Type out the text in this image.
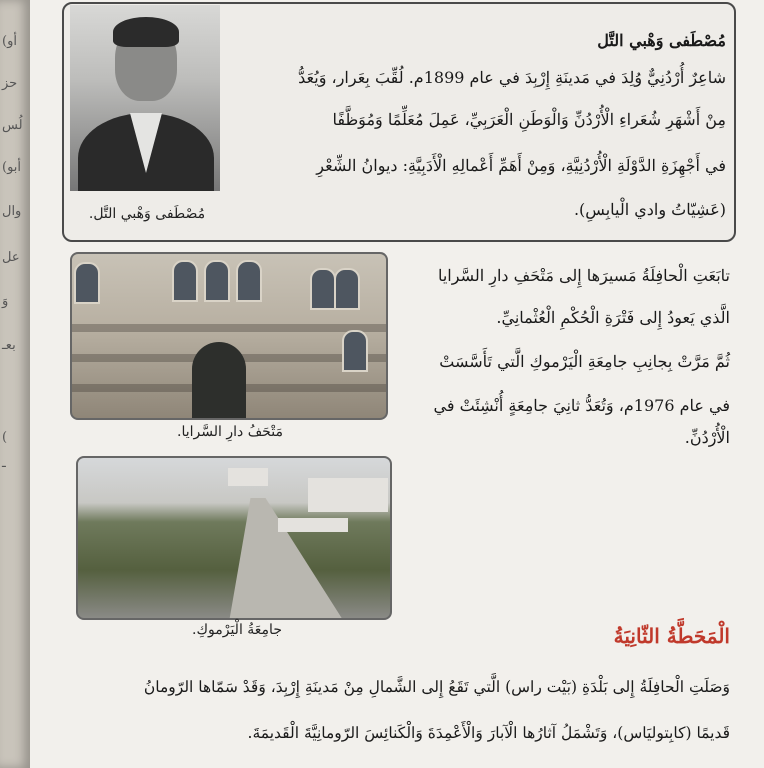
(أو
حز
لُس
(أبو
وال
عل
وَ
بعـ
(
ـ
مُصْطَفى وَهْبي التَّل.
مُصْطَفى وَهْبي التَّل
شاعِرٌ أُرْدُنِيٌّ وُلِدَ في مَدينَةِ إِرْبِدَ في عام 1899م. لُقِّبَ بِعَرار، وَيُعَدُّ
مِنْ أَشْهَرِ شُعَراءِ الْأُرْدُنِّ وَالْوَطَنِ الْعَرَبِيِّ، عَمِلَ مُعَلِّمًا وَمُوَظَّفًا
في أَجْهِزَةِ الدَّوْلَةِ الْأُرْدُنِيَّةِ، وَمِنْ أَهَمِّ أَعْمالِهِ الْأَدَبِيَّةِ: ديوانُ الشِّعْرِ
(عَشِيّاتُ وادي الْيابِسِ).
مَتْحَفُ دارِ السَّرايا.
تابَعَتِ الْحافِلَةُ مَسيرَها إِلى مَتْحَفِ دارِ السَّرايا
الَّذي يَعودُ إِلى فَتْرَةِ الْحُكْمِ الْعُثْمانِيِّ.
ثُمَّ مَرَّتْ بِجانِبِ جامِعَةِ الْيَرْموكِ الَّتي تَأَسَّسَتْ
في عام 1976م، وَتُعَدُّ ثانِيَ جامِعَةٍ أُنْشِئَتْ في
الْأُرْدُنِّ.
جامِعَةُ الْيَرْموكِ.	الْمَحَطَّةُ الثّانِيَةُ
وَصَلَتِ الْحافِلَةُ إِلى بَلْدَةِ (بَيْت راس) الَّتي تَقَعُ إِلى الشَّمالِ مِنْ مَدينَةِ إِرْبِدَ، وَقَدْ سَمّاها الرّومانُ
قَديمًا (كابِتوليَاس)، وَتَشْمَلُ آثارُها الْآبارَ وَالْأَعْمِدَةَ وَالْكَنائِسَ الرّومانِيَّةَ الْقَديمَةَ.
